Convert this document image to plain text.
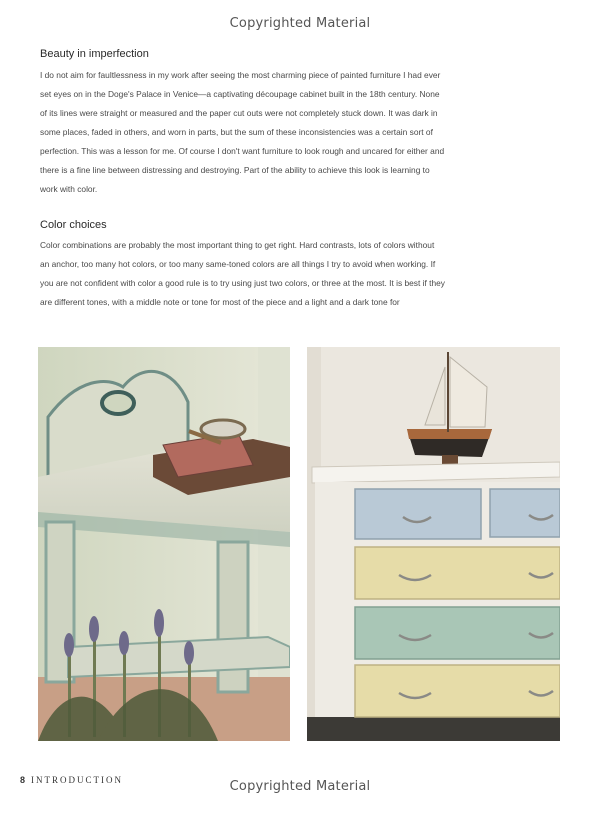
Copyrighted Material
Beauty in imperfection

I do not aim for faultlessness in my work after seeing the most charming piece of painted furniture I had ever set eyes on in the Doge's Palace in Venice—a captivating découpage cabinet built in the 18th century. None of its lines were straight or measured and the paper cut outs were not completely stuck down. It was dark in some places, faded in others, and worn in parts, but the sum of these inconsistencies was a certain sort of perfection. This was a lesson for me. Of course I don't want furniture to look rough and uncared for either and there is a fine line between distressing and destroying. Part of the ability to achieve this look is learning to work with color.

Color choices

Color combinations are probably the most important thing to get right. Hard contrasts, lots of colors without an anchor, too many hot colors, or too many same-toned colors are all things I try to avoid when working. If you are not confident with color a good rule is to try using just two colors, or three at the most. It is best if they are different tones, with a middle note or tone for most of the piece and a light and a dark tone for

8 INTRODUCTION	Copyrighted Material
